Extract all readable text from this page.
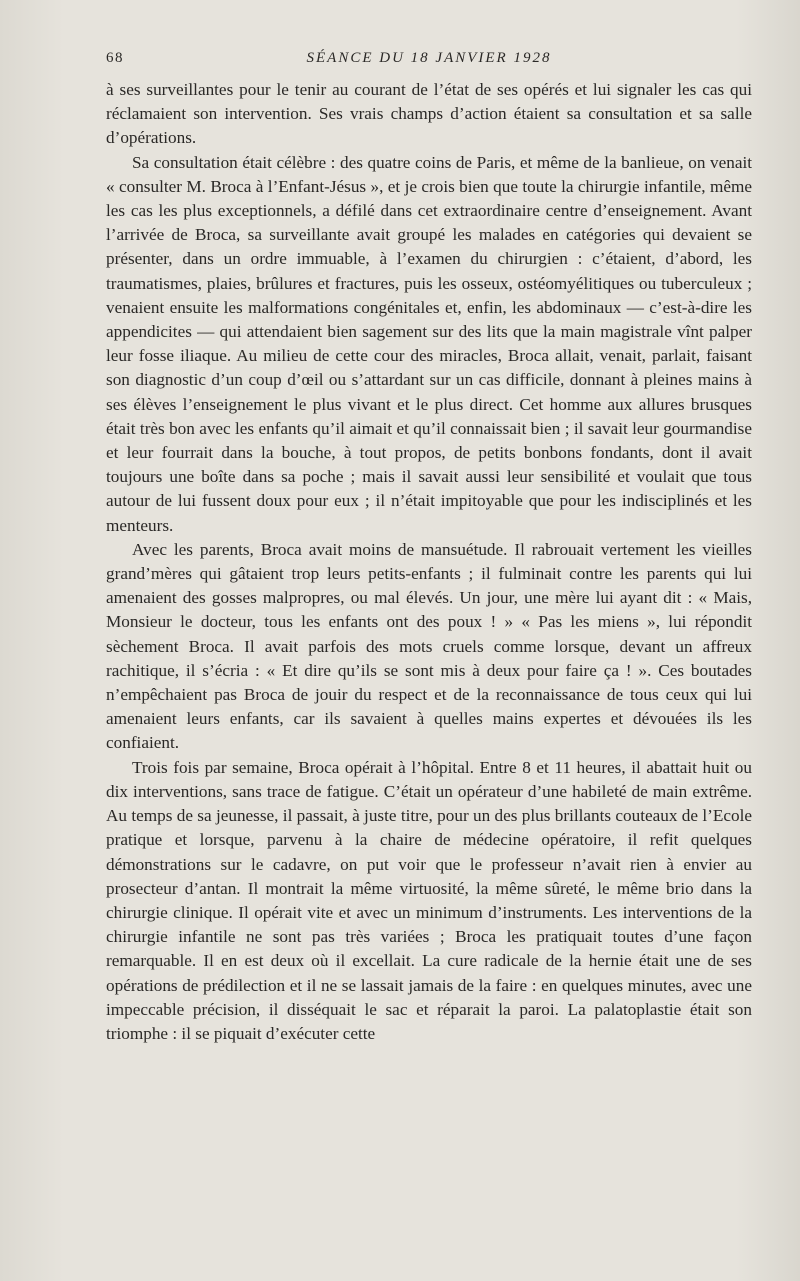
68	SÉANCE DU 18 JANVIER 1928

à ses surveillantes pour le tenir au courant de l’état de ses opérés et lui signaler les cas qui réclamaient son intervention. Ses vrais champs d’action étaient sa consultation et sa salle d’opérations.

Sa consultation était célèbre : des quatre coins de Paris, et même de la banlieue, on venait « consulter M. Broca à l’Enfant-Jésus », et je crois bien que toute la chirurgie infantile, même les cas les plus exceptionnels, a défilé dans cet extraordinaire centre d’enseignement. Avant l’arrivée de Broca, sa surveillante avait groupé les malades en catégories qui devaient se présenter, dans un ordre immuable, à l’examen du chirurgien : c’étaient, d’abord, les traumatismes, plaies, brûlures et fractures, puis les osseux, ostéomyélitiques ou tuberculeux ; venaient ensuite les malformations congénitales et, enfin, les abdominaux — c’est-à-dire les appendicites — qui attendaient bien sagement sur des lits que la main magistrale vînt palper leur fosse iliaque. Au milieu de cette cour des miracles, Broca allait, venait, parlait, faisant son diagnostic d’un coup d’œil ou s’attardant sur un cas difficile, donnant à pleines mains à ses élèves l’enseignement le plus vivant et le plus direct. Cet homme aux allures brusques était très bon avec les enfants qu’il aimait et qu’il connaissait bien ; il savait leur gourmandise et leur fourrait dans la bouche, à tout propos, de petits bonbons fondants, dont il avait toujours une boîte dans sa poche ; mais il savait aussi leur sensibilité et voulait que tous autour de lui fussent doux pour eux ; il n’était impitoyable que pour les indisciplinés et les menteurs.

Avec les parents, Broca avait moins de mansuétude. Il rabrouait vertement les vieilles grand’mères qui gâtaient trop leurs petits-enfants ; il fulminait contre les parents qui lui amenaient des gosses malpropres, ou mal élevés. Un jour, une mère lui ayant dit : « Mais, Monsieur le docteur, tous les enfants ont des poux ! » « Pas les miens », lui répondit sèchement Broca. Il avait parfois des mots cruels comme lorsque, devant un affreux rachitique, il s’écria : « Et dire qu’ils se sont mis à deux pour faire ça ! ». Ces boutades n’empêchaient pas Broca de jouir du respect et de la reconnaissance de tous ceux qui lui amenaient leurs enfants, car ils savaient à quelles mains expertes et dévouées ils les confiaient.

Trois fois par semaine, Broca opérait à l’hôpital. Entre 8 et 11 heures, il abattait huit ou dix interventions, sans trace de fatigue. C’était un opérateur d’une habileté de main extrême. Au temps de sa jeunesse, il passait, à juste titre, pour un des plus brillants couteaux de l’Ecole pratique et lorsque, parvenu à la chaire de médecine opératoire, il refit quelques démonstrations sur le cadavre, on put voir que le professeur n’avait rien à envier au prosecteur d’antan. Il montrait la même virtuosité, la même sûreté, le même brio dans la chirurgie clinique. Il opérait vite et avec un minimum d’instruments. Les interventions de la chirurgie infantile ne sont pas très variées ; Broca les pratiquait toutes d’une façon remarquable. Il en est deux où il excellait. La cure radicale de la hernie était une de ses opérations de prédilection et il ne se lassait jamais de la faire : en quelques minutes, avec une impeccable précision, il disséquait le sac et réparait la paroi. La palatoplastie était son triomphe : il se piquait d’exécuter cette
